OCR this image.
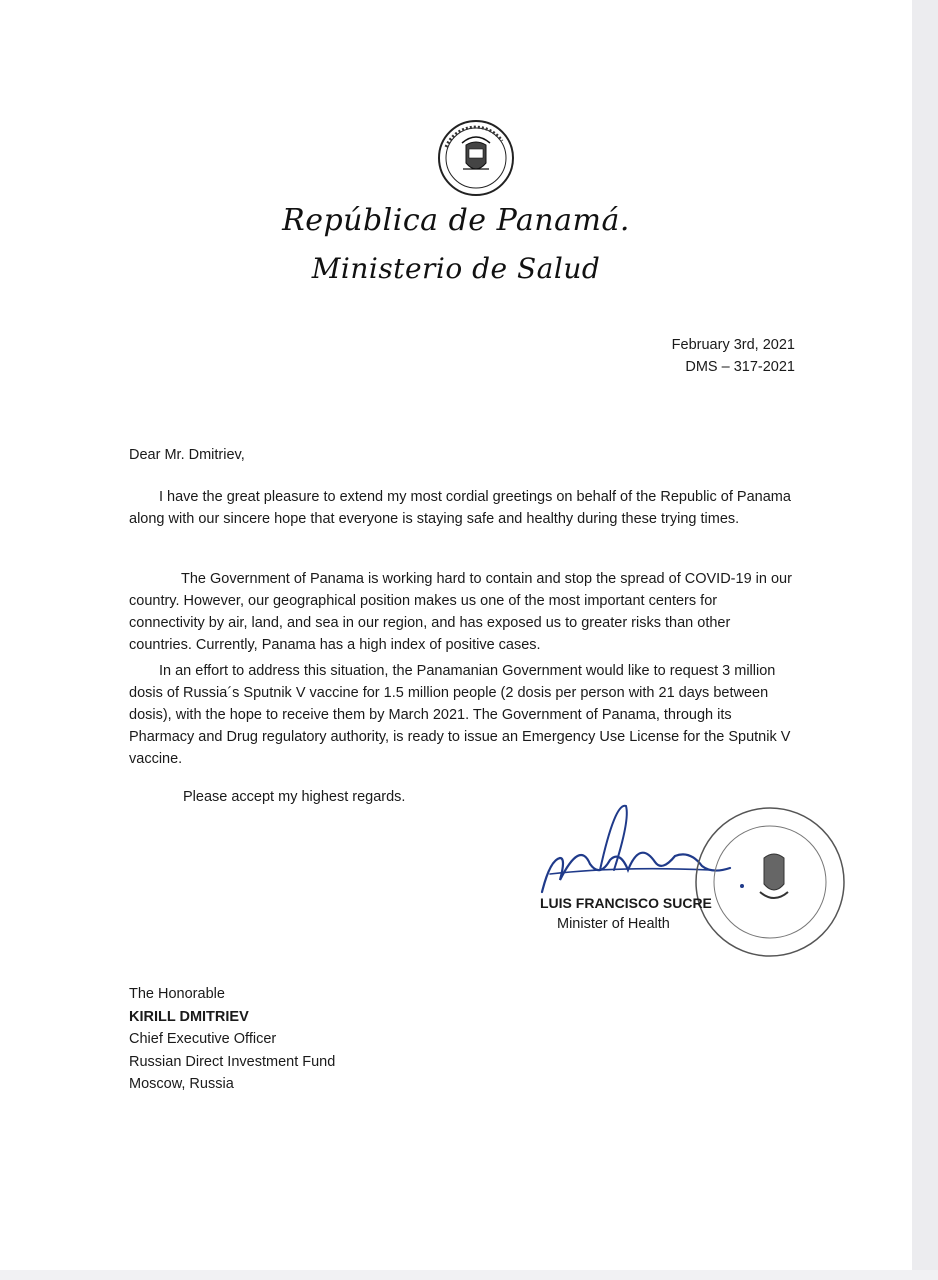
República de Panamá.
Ministerio de Salud
February 3rd, 2021
DMS – 317-2021
Dear Mr. Dmitriev,

I have the great pleasure to extend my most cordial greetings on behalf of the Republic of Panama along with our sincere hope that everyone is staying safe and healthy during these trying times.

The Government of Panama is working hard to contain and stop the spread of COVID-19 in our country. However, our geographical position makes us one of the most important centers for connectivity by air, land, and sea in our region, and has exposed us to greater risks than other countries. Currently, Panama has a high index of positive cases.

In an effort to address this situation, the Panamanian Government would like to request 3 million dosis of Russia´s Sputnik V vaccine for 1.5 million people (2 dosis per person with 21 days between dosis), with the hope to receive them by March 2021. The Government of Panama, through its Pharmacy and Drug regulatory authority, is ready to issue an Emergency Use License for the Sputnik V vaccine.

Please accept my highest regards.
LUIS FRANCISCO SUCRE
Minister of Health
The Honorable
KIRILL DMITRIEV
Chief Executive Officer
Russian Direct Investment Fund
Moscow, Russia
